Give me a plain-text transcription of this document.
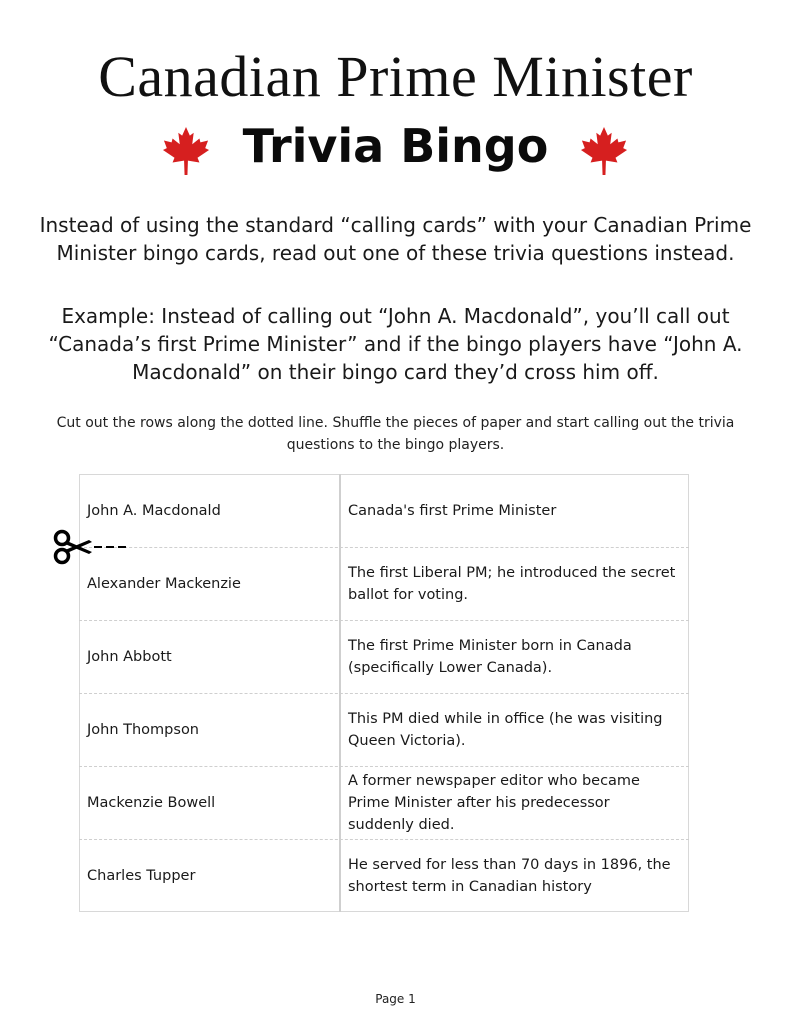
Canadian Prime Minister
Trivia Bingo
Instead of using the standard “calling cards” with your Canadian Prime Minister bingo cards, read out one of these trivia questions instead.
Example: Instead of calling out “John A. Macdonald”, you’ll call out “Canada’s first Prime Minister” and if the bingo players have “John A. Macdonald” on their bingo card they’d cross him off.
Cut out the rows along the dotted line. Shuffle the pieces of paper and start calling out the trivia questions to the bingo players.
John A. Macdonald	Canada's first Prime Minister
Alexander Mackenzie
The first Liberal PM; he introduced the secret ballot for voting.
John Abbott
The first Prime Minister born in Canada (specifically Lower Canada).
John Thompson
This PM died while in office (he was visiting Queen Victoria).
Mackenzie Bowell
A former newspaper editor who became Prime Minister after his predecessor suddenly died.
Charles Tupper
He served for less than 70 days in 1896, the shortest term in Canadian history
Page 1
